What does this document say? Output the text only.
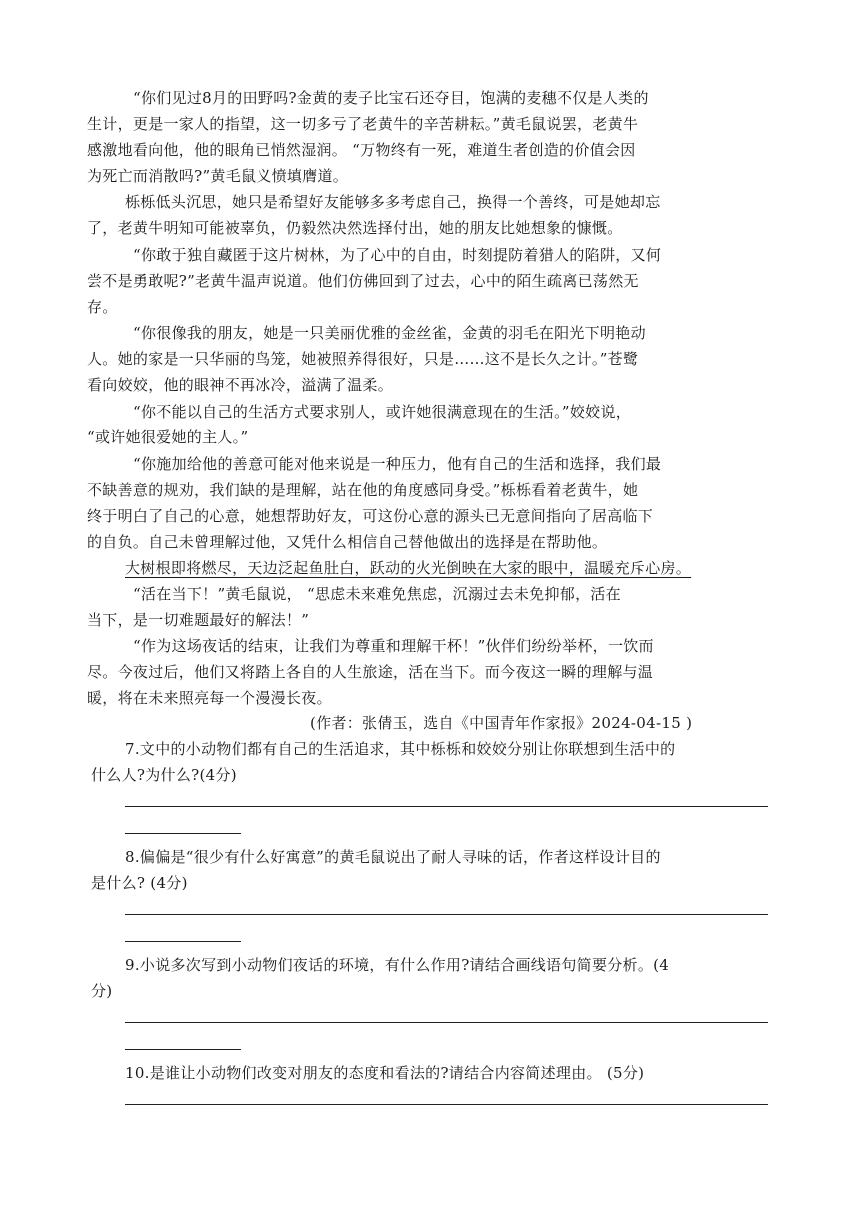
“你们见过8月的田野吗?金黄的麦子比宝石还夺目，饱满的麦穗不仅是人类的
生计，更是一家人的指望，这一切多亏了老黄牛的辛苦耕耘。”黄毛鼠说罢，老黄牛
感激地看向他，他的眼角已悄然湿润。 “万物终有一死，难道生者创造的价值会因
为死亡而消散吗?”黄毛鼠义愤填膺道。
栎栎低头沉思，她只是希望好友能够多多考虑自己，换得一个善终，可是她却忘
了，老黄牛明知可能被辜负，仍毅然决然选择付出，她的朋友比她想象的慷慨。
“你敢于独自藏匿于这片树林，为了心中的自由，时刻提防着猎人的陷阱，又何
尝不是勇敢呢?”老黄牛温声说道。他们仿佛回到了过去，心中的陌生疏离已荡然无
存。
“你很像我的朋友，她是一只美丽优雅的金丝雀，金黄的羽毛在阳光下明艳动
人。她的家是一只华丽的鸟笼，她被照养得很好，只是……这不是长久之计。”苍鹭
看向姣姣，他的眼神不再冰冷，溢满了温柔。
“你不能以自己的生活方式要求别人，或许她很满意现在的生活。”姣姣说，
“或许她很爱她的主人。”
“你施加给他的善意可能对他来说是一种压力，他有自己的生活和选择，我们最
不缺善意的规劝，我们缺的是理解，站在他的角度感同身受。”栎栎看着老黄牛，她
终于明白了自己的心意，她想帮助好友，可这份心意的源头已无意间指向了居高临下
的自负。自己未曾理解过他，又凭什么相信自己替他做出的选择是在帮助他。
大树根即将燃尽，天边泛起鱼肚白，跃动的火光倒映在大家的眼中，温暖充斥心房。
“活在当下！”黄毛鼠说， “思虑未来难免焦虑，沉溺过去未免抑郁，活在
当下，是一切难题最好的解法！”
“作为这场夜话的结束，让我们为尊重和理解干杯！”伙伴们纷纷举杯，一饮而
尽。今夜过后，他们又将踏上各自的人生旅途，活在当下。而今夜这一瞬的理解与温
暖，将在未来照亮每一个漫漫长夜。
(作者：张倩玉，选自《中国青年作家报》2024-04-15 )
7.文中的小动物们都有自己的生活追求，其中栎栎和姣姣分别让你联想到生活中的
什么人?为什么?(4分)
8.偏偏是“很少有什么好寓意”的黄毛鼠说出了耐人寻味的话，作者这样设计目的
是什么? (4分)
9.小说多次写到小动物们夜话的环境，有什么作用?请结合画线语句简要分析。(4
分)
10.是谁让小动物们改变对朋友的态度和看法的?请结合内容简述理由。 (5分)
